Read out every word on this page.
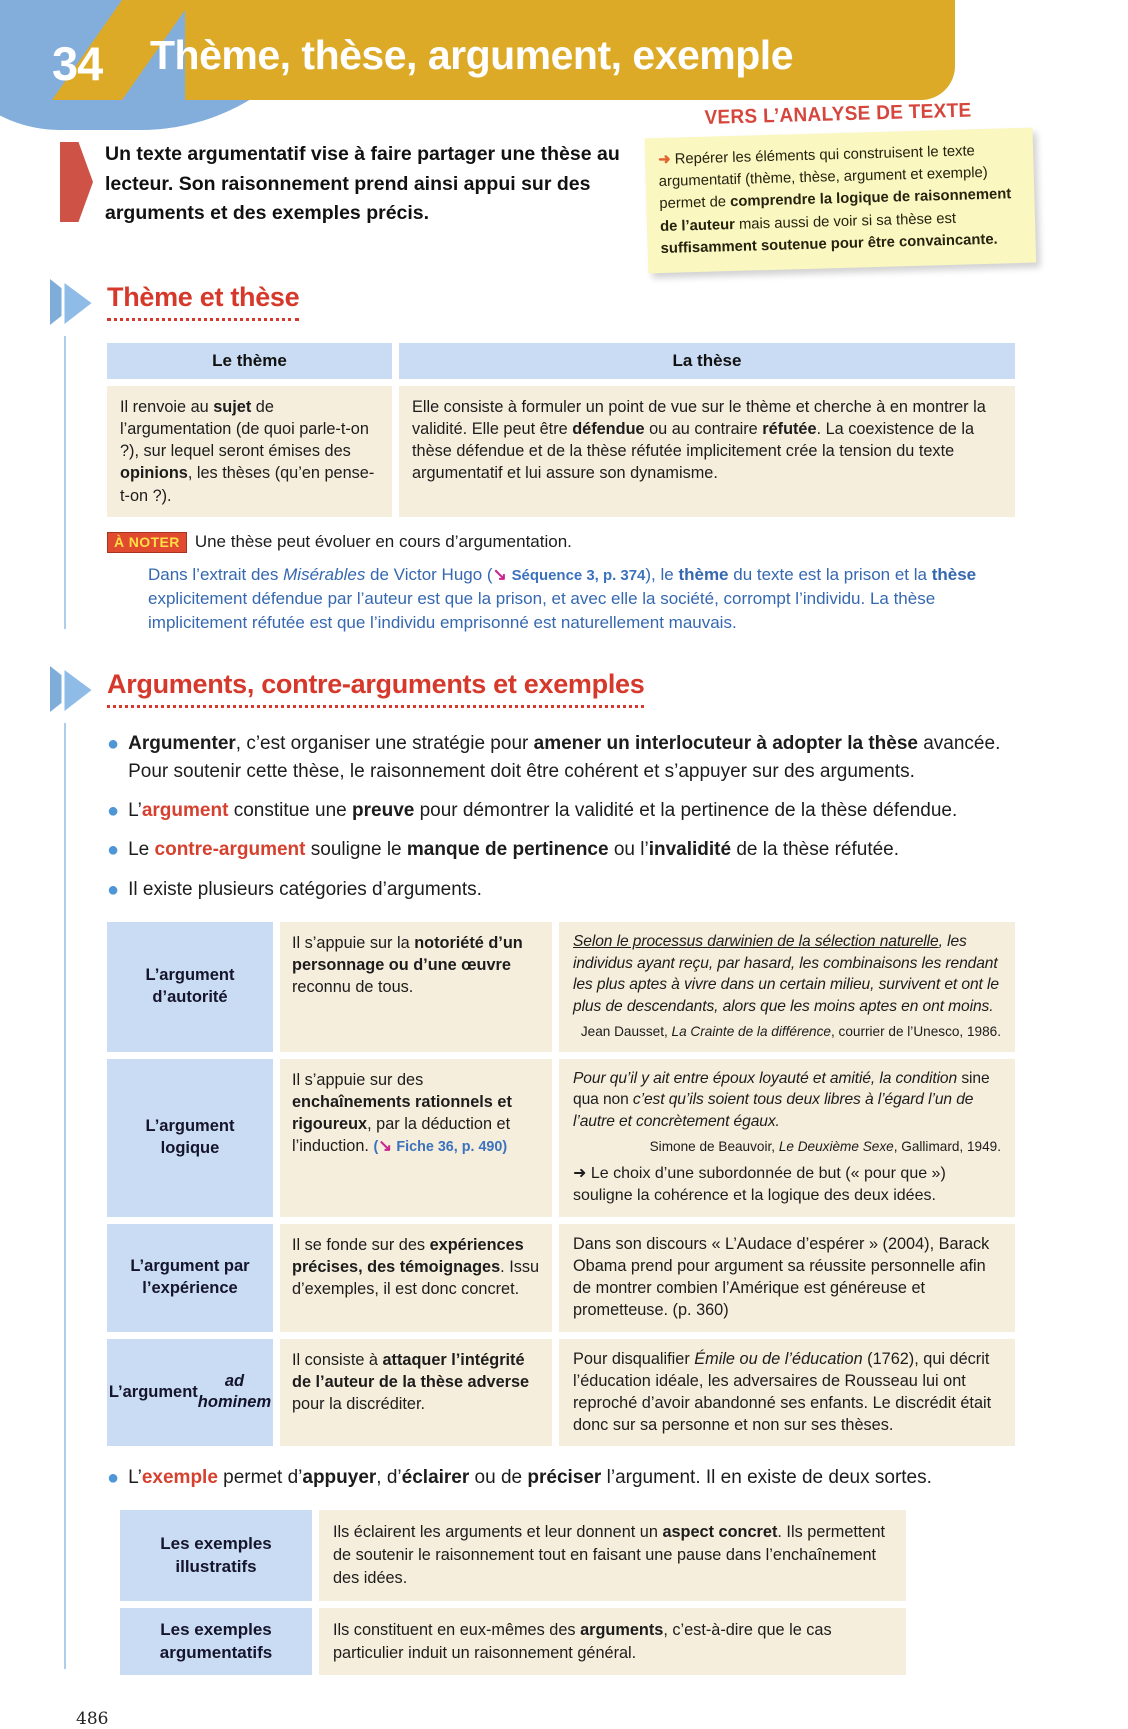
34 Thème, thèse, argument, exemple

Un texte argumentatif vise à faire partager une thèse au lecteur. Son raisonnement prend ainsi appui sur des arguments et des exemples précis.

VERS L’ANALYSE DE TEXTE
➜ Repérer les éléments qui construisent le texte argumentatif (thème, thèse, argument et exemple) permet de comprendre la logique de raisonnement de l’auteur mais aussi de voir si sa thèse est suffisamment soutenue pour être convaincante.
Thème et thèse
Le thème	La thèse
Il renvoie au sujet de l’argumentation (de quoi parle-t-on ?), sur lequel seront émises des opinions, les thèses (qu’en pense-t-on ?).
Elle consiste à formuler un point de vue sur le thème et cherche à en montrer la validité. Elle peut être défendue ou au contraire réfutée. La coexistence de la thèse défendue et de la thèse réfutée implicitement crée la tension du texte argumentatif et lui assure son dynamisme.

À NOTER Une thèse peut évoluer en cours d’argumentation.

Dans l’extrait des Misérables de Victor Hugo (↘ Séquence 3, p. 374), le thème du texte est la prison et la thèse explicitement défendue par l’auteur est que la prison, et avec elle la société, corrompt l’individu. La thèse implicitement réfutée est que l’individu emprisonné est naturellement mauvais.

Arguments, contre-arguments et exemples
● Argumenter, c’est organiser une stratégie pour amener un interlocuteur à adopter la thèse avancée. Pour soutenir cette thèse, le raisonnement doit être cohérent et s’appuyer sur des arguments.
● L’argument constitue une preuve pour démontrer la validité et la pertinence de la thèse défendue.
● Le contre-argument souligne le manque de pertinence ou l’invalidité de la thèse réfutée.
● Il existe plusieurs catégories d’arguments.
L’argument d’autorité
Il s’appuie sur la notoriété d’un personnage ou d’une œuvre reconnu de tous.
Selon le processus darwinien de la sélection naturelle, les individus ayant reçu, par hasard, les combinaisons les rendant les plus aptes à vivre dans un certain milieu, survivent et ont le plus de descendants, alors que les moins aptes en ont moins.
Jean Dausset, La Crainte de la différence, courrier de l’Unesco, 1986.
L’argument logique
Il s’appuie sur des enchaînements rationnels et rigoureux, par la déduction et l’induction. (↘ Fiche 36, p. 490)
Pour qu’il y ait entre époux loyauté et amitié, la condition sine qua non c’est qu’ils soient tous deux libres à l’égard l’un de l’autre et concrètement égaux.
Simone de Beauvoir, Le Deuxième Sexe, Gallimard, 1949.
➜ Le choix d’une subordonnée de but (« pour que ») souligne la cohérence et la logique des deux idées.
L’argument par l’expérience
Il se fonde sur des expériences précises, des témoignages. Issu d’exemples, il est donc concret.
Dans son discours « L’Audace d’espérer » (2004), Barack Obama prend pour argument sa réussite personnelle afin de montrer combien l’Amérique est généreuse et prometteuse. (p. 360)
L’argument
ad hominem
Il consiste à attaquer l’intégrité de l’auteur de la thèse adverse pour la discréditer.
Pour disqualifier Émile ou de l’éducation (1762), qui décrit l’éducation idéale, les adversaires de Rousseau lui ont reproché d’avoir abandonné ses enfants. Le discrédit était donc sur sa personne et non sur ses thèses.
● L’exemple permet d’appuyer, d’éclairer ou de préciser l’argument. Il en existe de deux sortes.
Les exemples illustratifs
Ils éclairent les arguments et leur donnent un aspect concret. Ils permettent de soutenir le raisonnement tout en faisant une pause dans l’enchaînement des idées.
Les exemples argumentatifs
Ils constituent en eux-mêmes des arguments, c’est-à-dire que le cas particulier induit un raisonnement général.
486
